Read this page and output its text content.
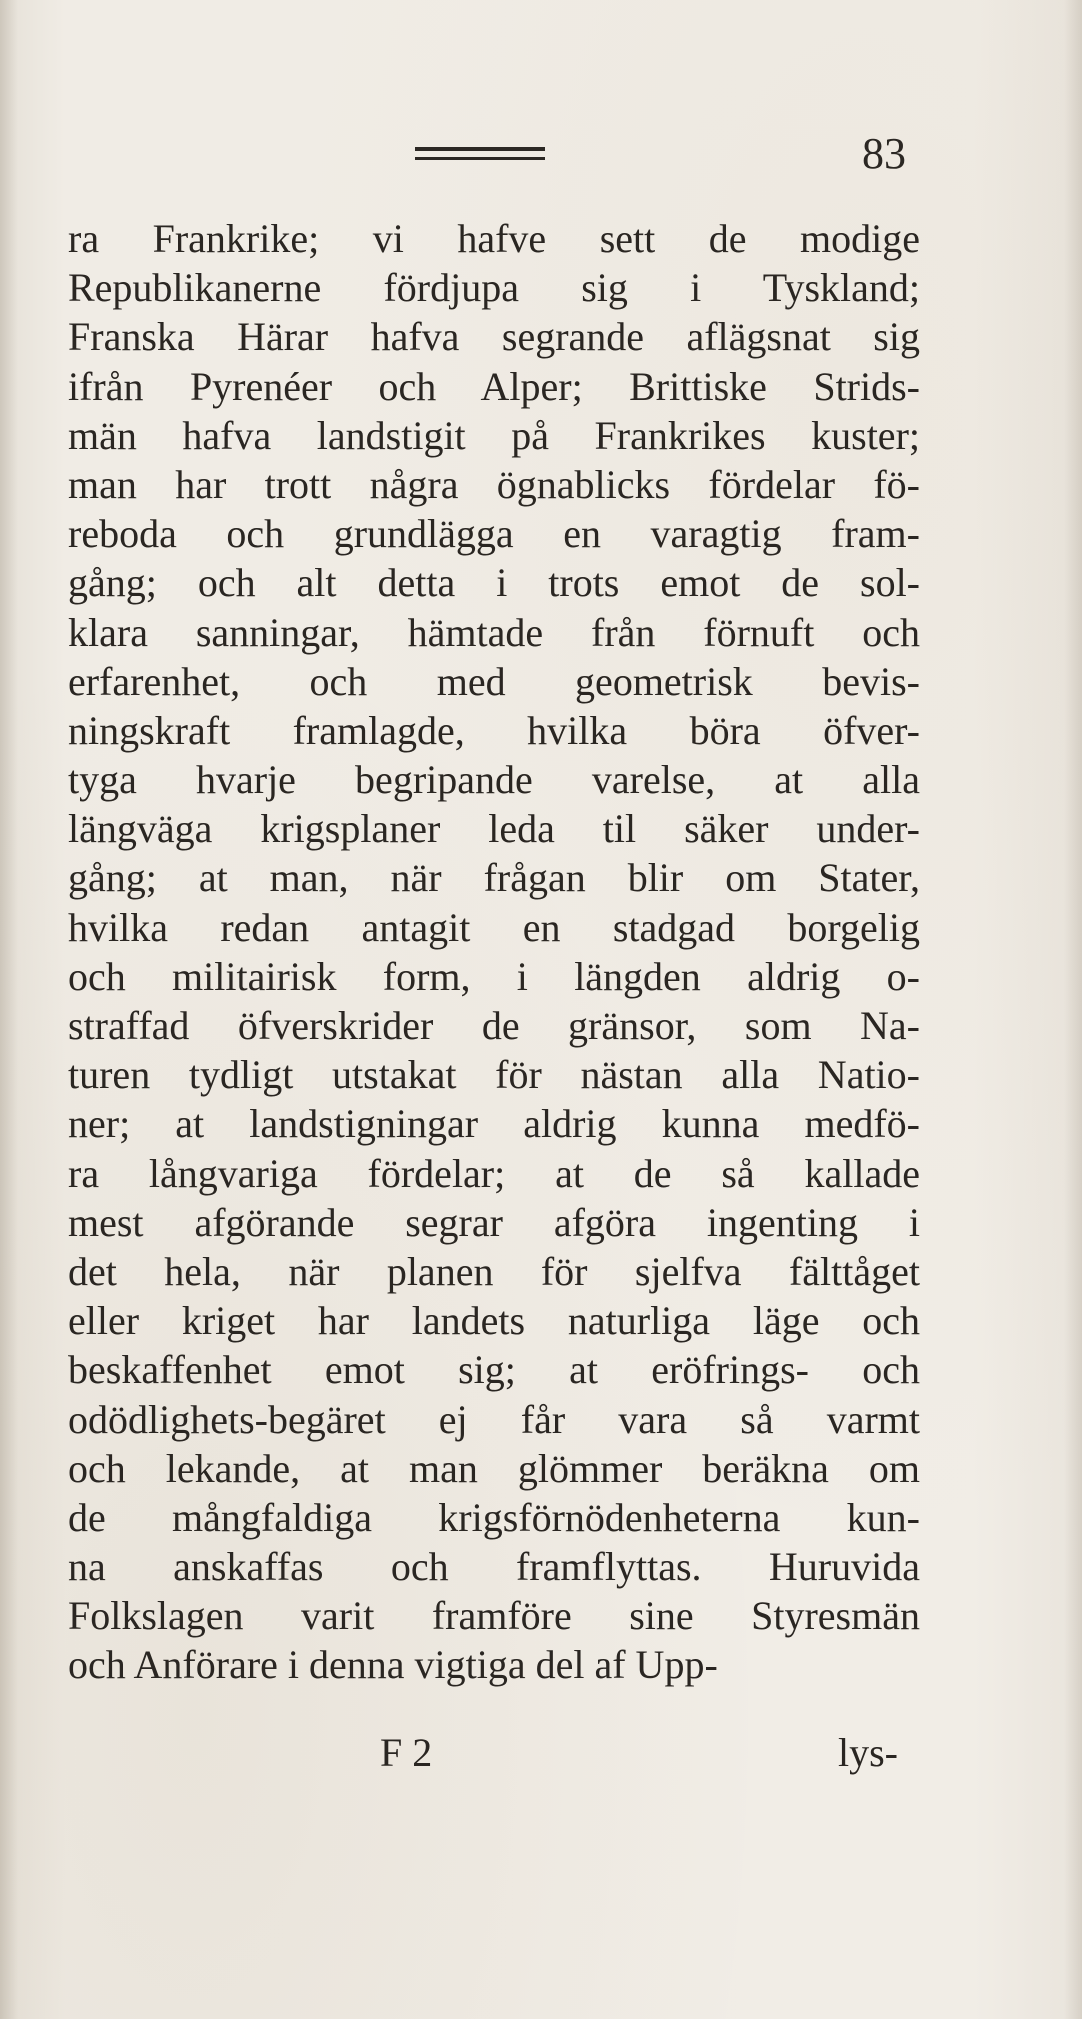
83
ra Frankrike; vi hafve sett de modige
Republikanerne fördjupa sig i Tyskland;
Franska Härar hafva segrande aflägsnat sig
ifrån Pyrenéer och Alper; Brittiske Strids-
män hafva landstigit på Frankrikes kuster;
man har trott några ögnablicks fördelar fö-
reboda och grundlägga en varagtig fram-
gång; och alt detta i trots emot de sol-
klara sanningar, hämtade från förnuft och
erfarenhet, och med geometrisk bevis-
ningskraft framlagde, hvilka böra öfver-
tyga hvarje begripande varelse, at alla
längväga krigsplaner leda til säker under-
gång; at man, när frågan blir om Stater,
hvilka redan antagit en stadgad borgelig
och militairisk form, i längden aldrig o-
straffad öfverskrider de gränsor, som Na-
turen tydligt utstakat för nästan alla Natio-
ner; at landstigningar aldrig kunna medfö-
ra långvariga fördelar; at de så kallade
mest afgörande segrar afgöra ingenting i
det hela, när planen för sjelfva fälttåget
eller kriget har landets naturliga läge och
beskaffenhet emot sig; at eröfrings- och
odödlighets-begäret ej får vara så varmt
och lekande, at man glömmer beräkna om
de mångfaldiga krigsförnödenheterna kun-
na anskaffas och framflyttas. Huruvida
Folkslagen varit framföre sine Styresmän
och Anförare i denna vigtiga del af Upp-
F 2	lys-
